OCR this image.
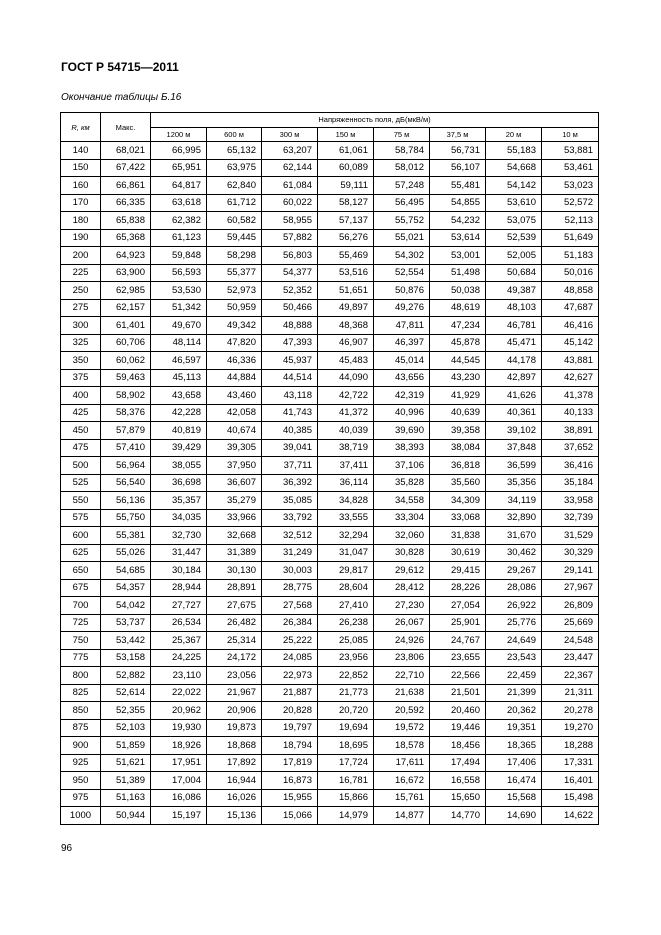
ГОСТ Р 54715—2011
Окончание таблицы Б.16
R, км	Макс.	Напряженность поля, дБ(мкВ/м)							
		1200 м	600 м	300 м	150 м	75 м	37,5 м	20 м	10 м
140	68,021	66,995	65,132	63,207	61,061	58,784	56,731	55,183	53,881
150	67,422	65,951	63,975	62,144	60,089	58,012	56,107	54,668	53,461
160	66,861	64,817	62,840	61,084	59,111	57,248	55,481	54,142	53,023
170	66,335	63,618	61,712	60,022	58,127	56,495	54,855	53,610	52,572
180	65,838	62,382	60,582	58,955	57,137	55,752	54,232	53,075	52,113
190	65,368	61,123	59,445	57,882	56,276	55,021	53,614	52,539	51,649
200	64,923	59,848	58,298	56,803	55,469	54,302	53,001	52,005	51,183
225	63,900	56,593	55,377	54,377	53,516	52,554	51,498	50,684	50,016
250	62,985	53,530	52,973	52,352	51,651	50,876	50,038	49,387	48,858
275	62,157	51,342	50,959	50,466	49,897	49,276	48,619	48,103	47,687
300	61,401	49,670	49,342	48,888	48,368	47,811	47,234	46,781	46,416
325	60,706	48,114	47,820	47,393	46,907	46,397	45,878	45,471	45,142
350	60,062	46,597	46,336	45,937	45,483	45,014	44,545	44,178	43,881
375	59,463	45,113	44,884	44,514	44,090	43,656	43,230	42,897	42,627
400	58,902	43,658	43,460	43,118	42,722	42,319	41,929	41,626	41,378
425	58,376	42,228	42,058	41,743	41,372	40,996	40,639	40,361	40,133
450	57,879	40,819	40,674	40,385	40,039	39,690	39,358	39,102	38,891
475	57,410	39,429	39,305	39,041	38,719	38,393	38,084	37,848	37,652
500	56,964	38,055	37,950	37,711	37,411	37,106	36,818	36,599	36,416
525	56,540	36,698	36,607	36,392	36,114	35,828	35,560	35,356	35,184
550	56,136	35,357	35,279	35,085	34,828	34,558	34,309	34,119	33,958
575	55,750	34,035	33,966	33,792	33,555	33,304	33,068	32,890	32,739
600	55,381	32,730	32,668	32,512	32,294	32,060	31,838	31,670	31,529
625	55,026	31,447	31,389	31,249	31,047	30,828	30,619	30,462	30,329
650	54,685	30,184	30,130	30,003	29,817	29,612	29,415	29,267	29,141
675	54,357	28,944	28,891	28,775	28,604	28,412	28,226	28,086	27,967
700	54,042	27,727	27,675	27,568	27,410	27,230	27,054	26,922	26,809
725	53,737	26,534	26,482	26,384	26,238	26,067	25,901	25,776	25,669
750	53,442	25,367	25,314	25,222	25,085	24,926	24,767	24,649	24,548
775	53,158	24,225	24,172	24,085	23,956	23,806	23,655	23,543	23,447
800	52,882	23,110	23,056	22,973	22,852	22,710	22,566	22,459	22,367
825	52,614	22,022	21,967	21,887	21,773	21,638	21,501	21,399	21,311
850	52,355	20,962	20,906	20,828	20,720	20,592	20,460	20,362	20,278
875	52,103	19,930	19,873	19,797	19,694	19,572	19,446	19,351	19,270
900	51,859	18,926	18,868	18,794	18,695	18,578	18,456	18,365	18,288
925	51,621	17,951	17,892	17,819	17,724	17,611	17,494	17,406	17,331
950	51,389	17,004	16,944	16,873	16,781	16,672	16,558	16,474	16,401
975	51,163	16,086	16,026	15,955	15,866	15,761	15,650	15,568	15,498
1000	50,944	15,197	15,136	15,066	14,979	14,877	14,770	14,690	14,622
96
